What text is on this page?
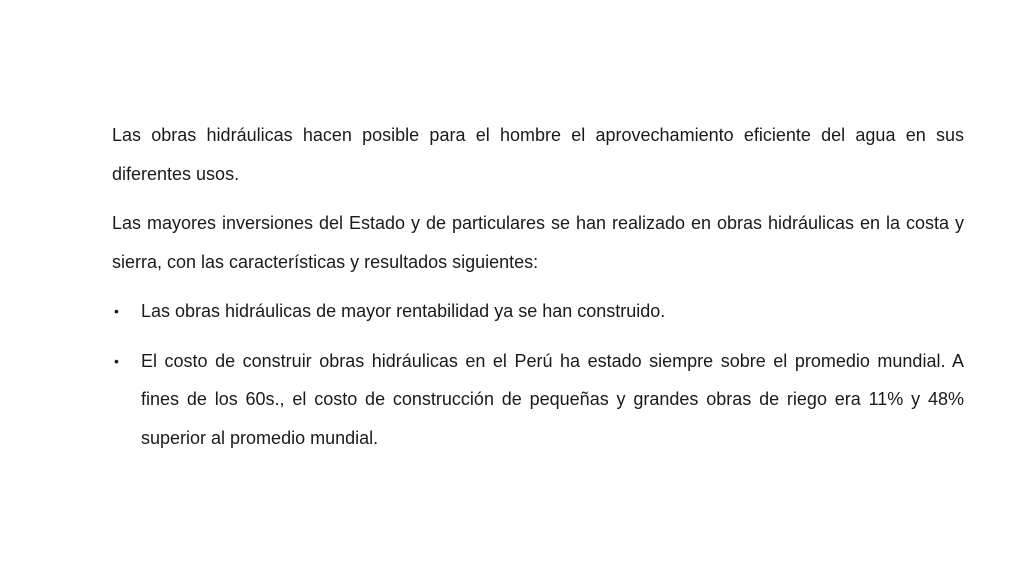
Las obras hidráulicas hacen posible para el hombre el aprovechamiento eficiente del agua en sus diferentes usos.

Las mayores inversiones del Estado y de particulares se han realizado en obras hidráulicas en la costa y sierra, con las características y resultados siguientes:

• Las obras hidráulicas de mayor rentabilidad ya se han construido.
• El costo de construir obras hidráulicas en el Perú ha estado siempre sobre el promedio mundial. A fines de los 60s., el costo de construcción de pequeñas y grandes obras de riego era 11% y 48% superior al promedio mundial.
